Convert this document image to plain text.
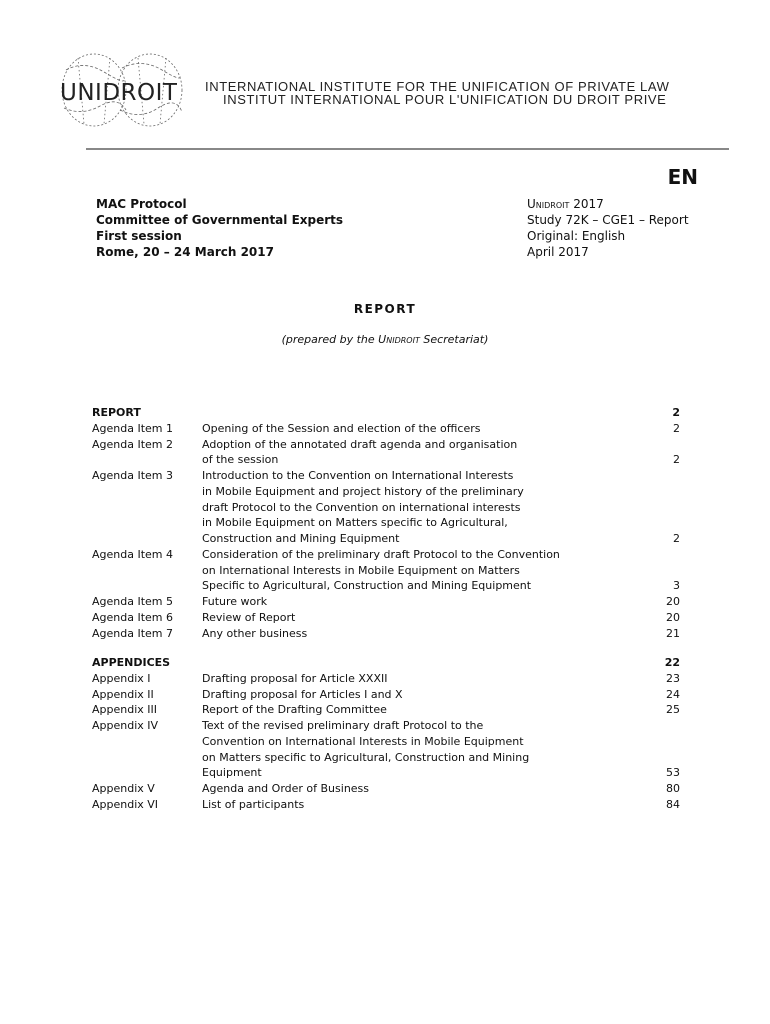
UNIDROIT INTERNATIONAL INSTITUTE FOR THE UNIFICATION OF PRIVATE LAW
INSTITUT INTERNATIONAL POUR L'UNIFICATION DU DROIT PRIVE
EN
MAC Protocol
Committee of Governmental Experts
First session
Rome, 20 – 24 March 2017
Unidroit 2017
Study 72K – CGE1 – Report
Original: English
April 2017
REPORT
(prepared by the Unidroit Secretariat)
REPORT	2
Agenda Item 1	Opening of the Session and election of the officers	2
Agenda Item 2	Adoption of the annotated draft agenda and organisation
of the session	2
Agenda Item 3	Introduction to the Convention on International Interests
in Mobile Equipment and project history of the preliminary
draft Protocol to the Convention on international interests
in Mobile Equipment on Matters specific to Agricultural,
Construction and Mining Equipment	2
Agenda Item 4	Consideration of the preliminary draft Protocol to the Convention
on International Interests in Mobile Equipment on Matters
Specific to Agricultural, Construction and Mining Equipment	3
Agenda Item 5	Future work	20
Agenda Item 6	Review of Report	20
Agenda Item 7	Any other business	21
APPENDICES	22
Appendix I	Drafting proposal for Article XXXII	23
Appendix II	Drafting proposal for Articles I and X	24
Appendix III	Report of the Drafting Committee	25
Appendix IV	Text of the revised preliminary draft Protocol to the
Convention on International Interests in Mobile Equipment
on Matters specific to Agricultural, Construction and Mining
Equipment	53
Appendix V	Agenda and Order of Business	80
Appendix VI	List of participants	84
